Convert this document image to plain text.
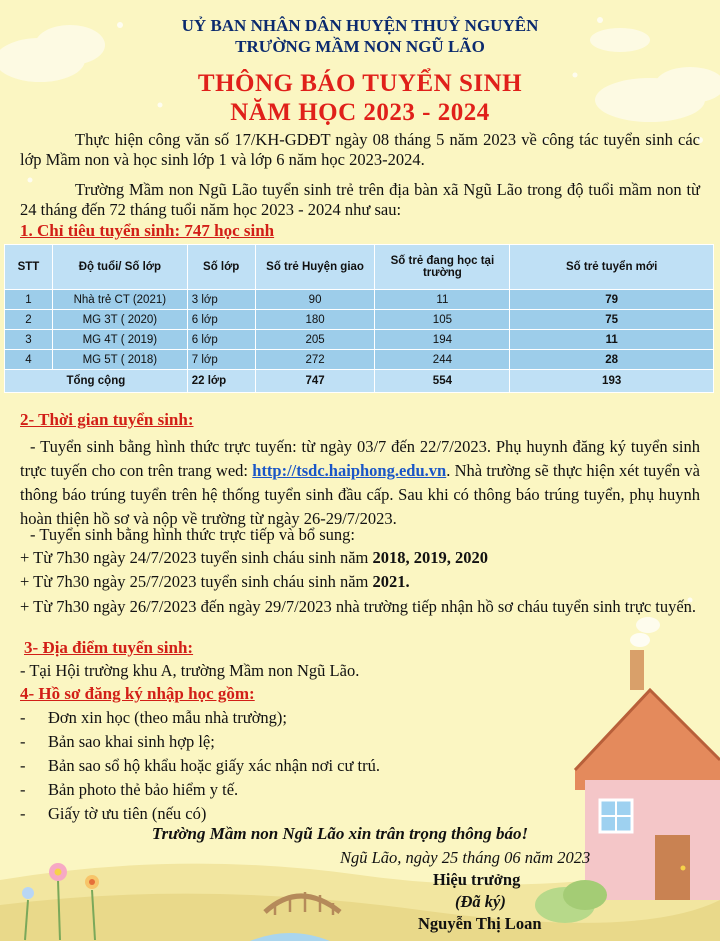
UỶ BAN NHÂN DÂN HUYỆN THUỶ NGUYÊN
TRƯỜNG MẦM NON NGŨ LÃO
THÔNG BÁO TUYỂN SINH
NĂM HỌC 2023 - 2024
Thực hiện công văn số 17/KH-GDĐT ngày 08 tháng 5 năm 2023 về công tác tuyển sinh các lớp Mầm non và học sinh lớp 1 và lớp 6 năm học 2023-2024.
Trường Mầm non Ngũ Lão tuyển sinh trẻ trên địa bàn xã Ngũ Lão trong độ tuổi mầm non từ 24 tháng đến 72 tháng tuổi năm học 2023 - 2024 như sau:
1. Chỉ tiêu tuyển sinh: 747 học sinh
STT	Độ tuổi/ Số lớp	Số lớp	Số trẻ Huyện giao	Số trẻ đang học tại trường	Số trẻ tuyển mới
1	Nhà trẻ CT (2021)	3 lớp	90	11	79
2	MG 3T ( 2020)	6 lớp	180	105	75
3	MG 4T ( 2019)	6 lớp	205	194	11
4	MG 5T ( 2018)	7 lớp	272	244	28
Tổng cộng		22 lớp	747	554	193
2- Thời gian tuyển sinh:
- Tuyển sinh bằng hình thức trực tuyến: từ ngày 03/7 đến 22/7/2023. Phụ huynh đăng ký tuyển sinh trực tuyến cho con trên trang wed: http://tsdc.haiphong.edu.vn. Nhà trường sẽ thực hiện xét tuyển và thông báo trúng tuyển trên hệ thống tuyển sinh đầu cấp. Sau khi có thông báo trúng tuyển, phụ huynh hoàn thiện hồ sơ và nộp về trường từ ngày 26-29/7/2023.
- Tuyển sinh bằng hình thức trực tiếp và bổ sung:
+ Từ 7h30 ngày 24/7/2023 tuyển sinh cháu sinh năm 2018, 2019, 2020
+ Từ 7h30 ngày 25/7/2023 tuyển sinh cháu sinh năm 2021.
+ Từ 7h30 ngày 26/7/2023 đến ngày 29/7/2023 nhà trường tiếp nhận hồ sơ cháu tuyển sinh trực tuyến.
3- Địa điểm tuyển sinh:
- Tại Hội trường khu A, trường Mầm non Ngũ Lão.
4- Hồ sơ đăng ký nhập học gồm:
- Đơn xin học (theo mẫu nhà trường);
- Bản sao khai sinh hợp lệ;
- Bản sao sổ hộ khẩu hoặc giấy xác nhận nơi cư trú.
- Bản photo thẻ bảo hiểm y tế.
- Giấy tờ ưu tiên (nếu có)
Trường Mầm non Ngũ Lão xin trân trọng thông báo!
Ngũ Lão, ngày 25 tháng 06 năm 2023
Hiệu trưởng
(Đã ký)
Nguyễn Thị Loan
